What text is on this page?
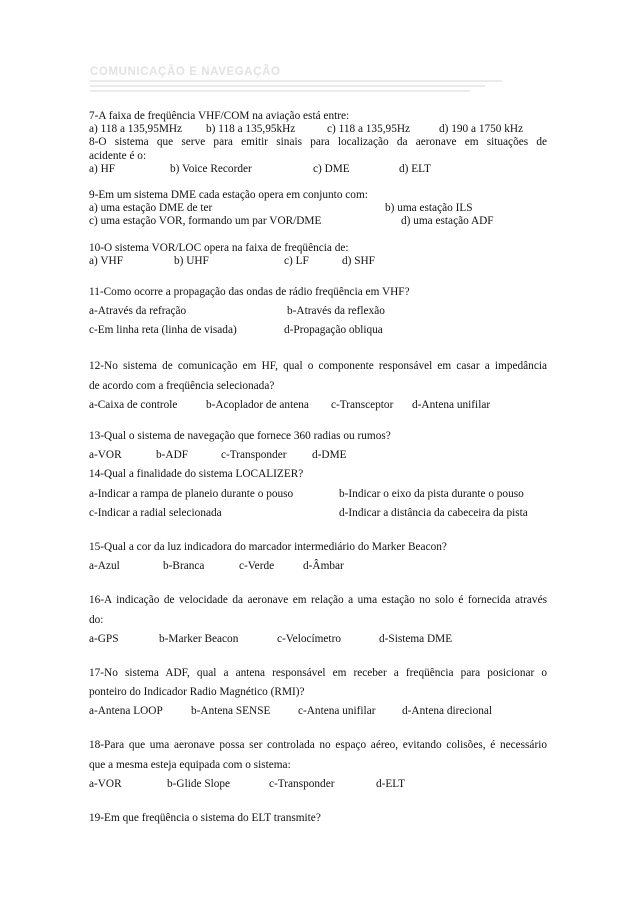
COMUNICAÇÃO E NAVEGAÇÃO
7-A faixa de freqüência VHF/COM na aviação está entre:
a) 118 a 135,95MHz b) 118 a 135,95kHz	c) 118 a 135,95Hz	d) 190 a 1750 kHz
8-O sistema que serve para emitir sinais para localização da aeronave em situações de
acidente é o:
a) HF	b) Voice Recorder	c) DME	d) ELT
9-Em um sistema DME cada estação opera em conjunto com:
a) uma estação DME de ter	b) uma estação ILS
c) uma estação VOR, formando um par VOR/DME	d) uma estação ADF
10-O sistema VOR/LOC opera na faixa de freqüência de:
a) VHF	b) UHF	c) LF	d) SHF
11-Como ocorre a propagação das ondas de rádio freqüência em VHF?
a-Através da refração	b-Através da reflexão
c-Em linha reta (linha de visada)	d-Propagação obliqua
12-No sistema de comunicação em HF, qual o componente responsável em casar a impedância
de acordo com a freqüência selecionada?
a-Caixa de controle	b-Acoplador de antena c-Transceptor d-Antena unifilar
13-Qual o sistema de navegação que fornece 360 radias ou rumos?
a-VOR	b-ADF	c-Transponder d-DME
14-Qual a finalidade do sistema LOCALIZER?
a-Indicar a rampa de planeio durante o pouso	b-Indicar o eixo da pista durante o pouso
c-Indicar a radial selecionada	d-Indicar a distância da cabeceira da pista
15-Qual a cor da luz indicadora do marcador intermediário do Marker Beacon?
a-Azul	b-Branca	c-Verde	d-Âmbar
16-A indicação de velocidade da aeronave em relação a uma estação no solo é fornecida através
do:
a-GPS	b-Marker Beacon	c-Velocímetro	d-Sistema DME
17-No sistema ADF, qual a antena responsável em receber a freqüência para posicionar o
ponteiro do Indicador Radio Magnético (RMI)?
a-Antena LOOP	b-Antena SENSE c-Antena unifilar d-Antena direcional
18-Para que uma aeronave possa ser controlada no espaço aéreo, evitando colisões, é necessário
que a mesma esteja equipada com o sistema:
a-VOR	b-Glide Slope	c-Transponder	d-ELT
19-Em que freqüência o sistema do ELT transmite?
